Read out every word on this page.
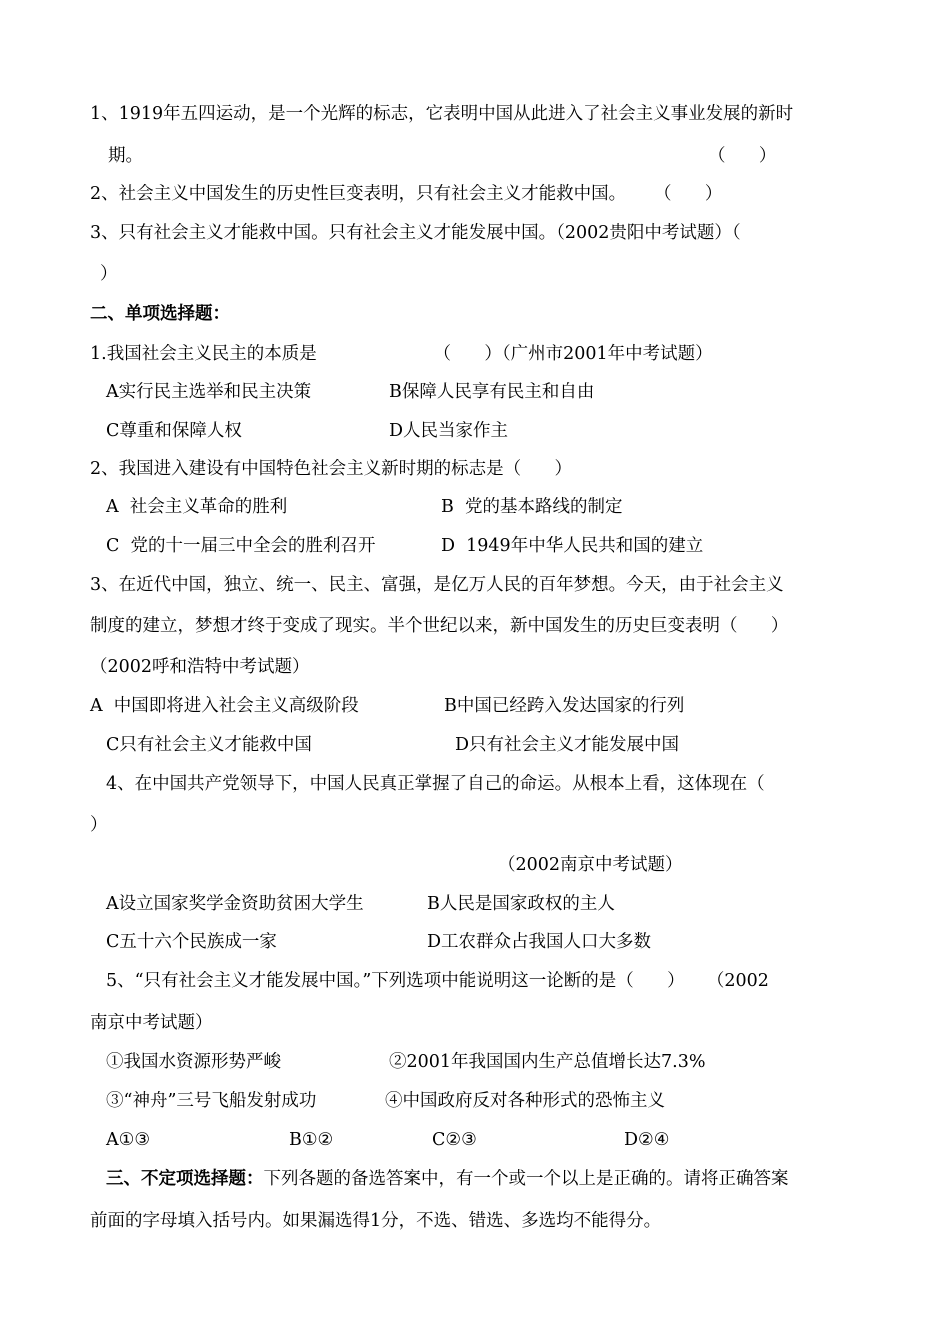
1、1919年五四运动，是一个光辉的标志，它表明中国从此进入了社会主义事业发展的新时
期。	（      ）
2、社会主义中国发生的历史性巨变表明，只有社会主义才能救中国。     （      ）
3、只有社会主义才能救中国。只有社会主义才能发展中国。（2002贵阳中考试题）（
）
二、单项选择题：
1.我国社会主义民主的本质是                     （      ）（广州市2001年中考试题）
A实行民主选举和民主决策	B保障人民享有民主和自由
C尊重和保障人权	D人民当家作主
2、我国进入建设有中国特色社会主义新时期的标志是（      ）
A  社会主义革命的胜利	B  党的基本路线的制定
C  党的十一届三中全会的胜利召开	D  1949年中华人民共和国的建立
3、在近代中国，独立、统一、民主、富强，是亿万人民的百年梦想。今天，由于社会主义
制度的建立，梦想才终于变成了现实。半个世纪以来，新中国发生的历史巨变表明（      ）
（2002呼和浩特中考试题）
A  中国即将进入社会主义高级阶段	B中国已经跨入发达国家的行列
C只有社会主义才能救中国	D只有社会主义才能发展中国
4、在中国共产党领导下，中国人民真正掌握了自己的命运。从根本上看，这体现在（
）
（2002南京中考试题）
A设立国家奖学金资助贫困大学生	B人民是国家政权的主人
C五十六个民族成一家	D工农群众占我国人口大多数
5、“只有社会主义才能发展中国。”下列选项中能说明这一论断的是（      ）    （2002
南京中考试题）
①我国水资源形势严峻	②2001年我国国内生产总值增长达7.3%
③“神舟”三号飞船发射成功	④中国政府反对各种形式的恐怖主义
A①③	B①②	C②③	D②④
三、不定项选择题：下列各题的备选答案中，有一个或一个以上是正确的。请将正确答案
前面的字母填入括号内。如果漏选得1分，不选、错选、多选均不能得分。
